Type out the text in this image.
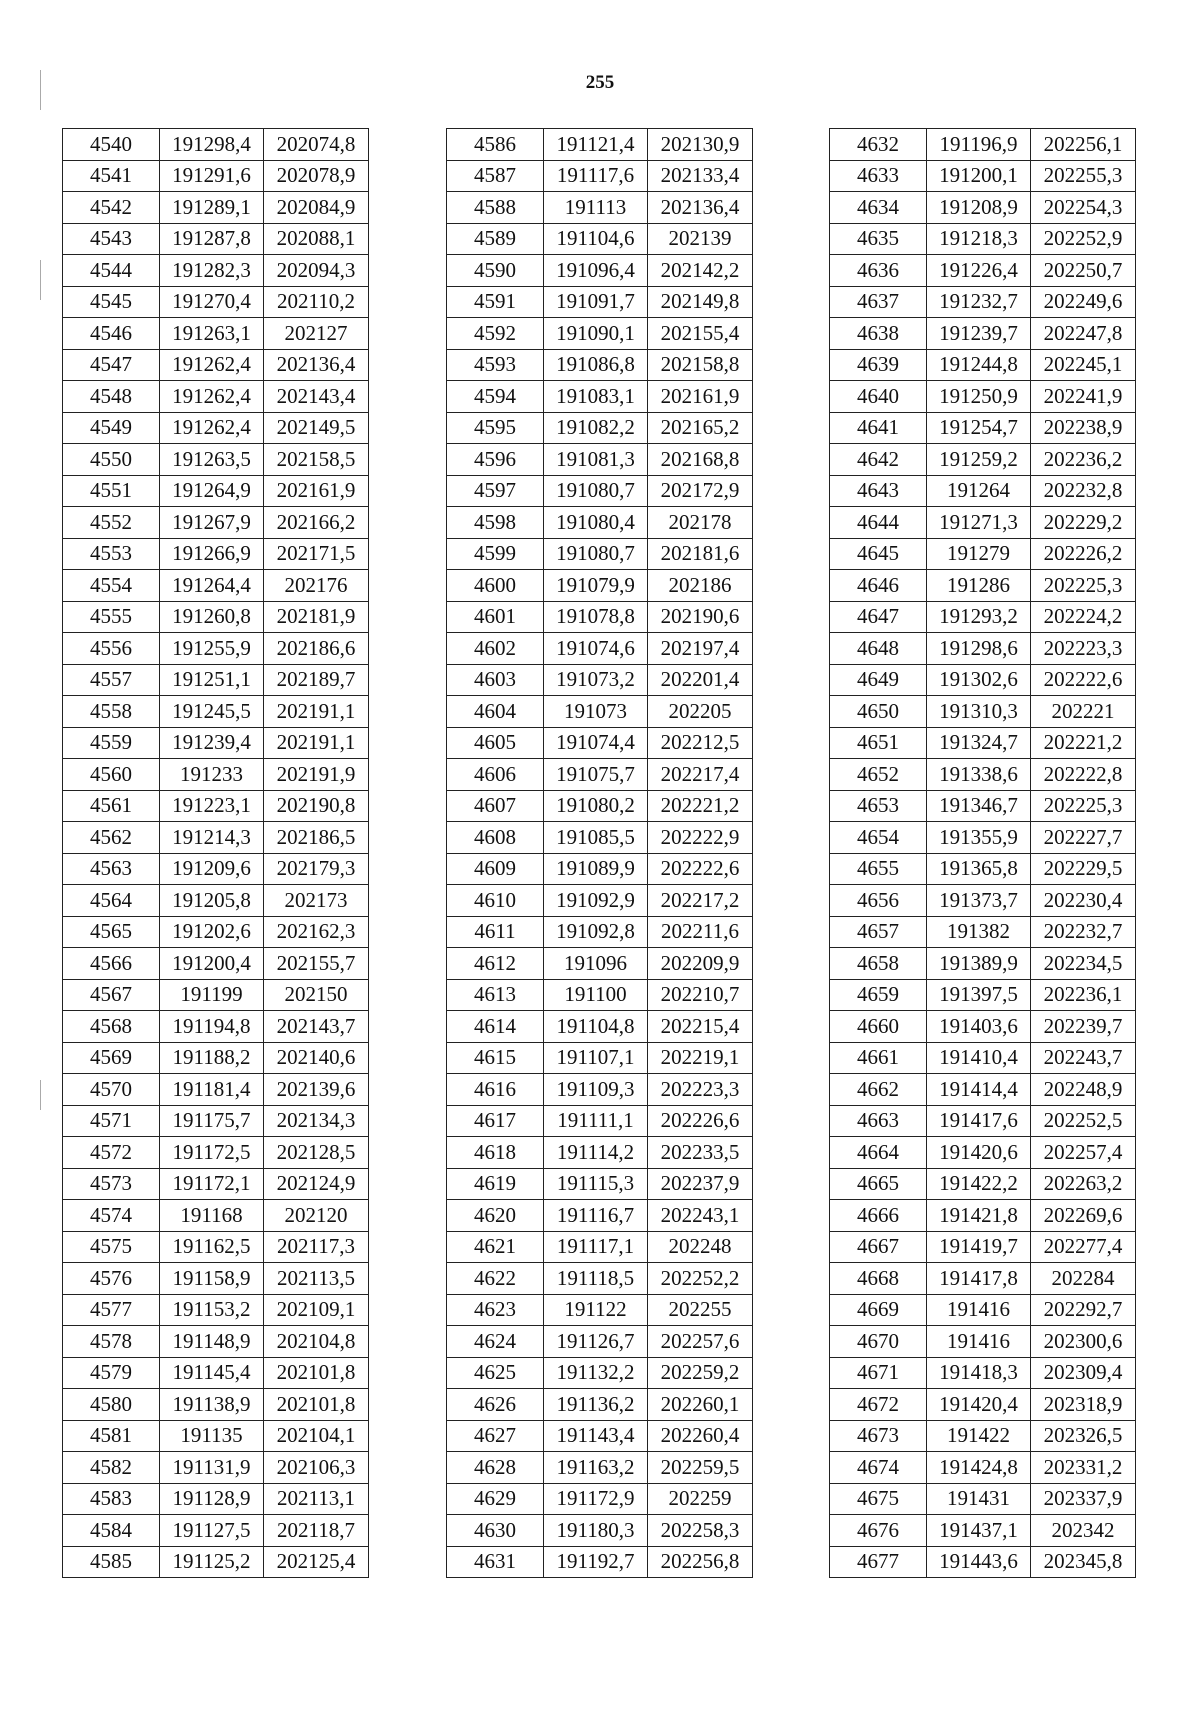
255
4540	191298,4	202074,8
4541	191291,6	202078,9
4542	191289,1	202084,9
4543	191287,8	202088,1
4544	191282,3	202094,3
4545	191270,4	202110,2
4546	191263,1	202127
4547	191262,4	202136,4
4548	191262,4	202143,4
4549	191262,4	202149,5
4550	191263,5	202158,5
4551	191264,9	202161,9
4552	191267,9	202166,2
4553	191266,9	202171,5
4554	191264,4	202176
4555	191260,8	202181,9
4556	191255,9	202186,6
4557	191251,1	202189,7
4558	191245,5	202191,1
4559	191239,4	202191,1
4560	191233	202191,9
4561	191223,1	202190,8
4562	191214,3	202186,5
4563	191209,6	202179,3
4564	191205,8	202173
4565	191202,6	202162,3
4566	191200,4	202155,7
4567	191199	202150
4568	191194,8	202143,7
4569	191188,2	202140,6
4570	191181,4	202139,6
4571	191175,7	202134,3
4572	191172,5	202128,5
4573	191172,1	202124,9
4574	191168	202120
4575	191162,5	202117,3
4576	191158,9	202113,5
4577	191153,2	202109,1
4578	191148,9	202104,8
4579	191145,4	202101,8
4580	191138,9	202101,8
4581	191135	202104,1
4582	191131,9	202106,3
4583	191128,9	202113,1
4584	191127,5	202118,7
4585	191125,2	202125,4
4586	191121,4	202130,9
4587	191117,6	202133,4
4588	191113	202136,4
4589	191104,6	202139
4590	191096,4	202142,2
4591	191091,7	202149,8
4592	191090,1	202155,4
4593	191086,8	202158,8
4594	191083,1	202161,9
4595	191082,2	202165,2
4596	191081,3	202168,8
4597	191080,7	202172,9
4598	191080,4	202178
4599	191080,7	202181,6
4600	191079,9	202186
4601	191078,8	202190,6
4602	191074,6	202197,4
4603	191073,2	202201,4
4604	191073	202205
4605	191074,4	202212,5
4606	191075,7	202217,4
4607	191080,2	202221,2
4608	191085,5	202222,9
4609	191089,9	202222,6
4610	191092,9	202217,2
4611	191092,8	202211,6
4612	191096	202209,9
4613	191100	202210,7
4614	191104,8	202215,4
4615	191107,1	202219,1
4616	191109,3	202223,3
4617	191111,1	202226,6
4618	191114,2	202233,5
4619	191115,3	202237,9
4620	191116,7	202243,1
4621	191117,1	202248
4622	191118,5	202252,2
4623	191122	202255
4624	191126,7	202257,6
4625	191132,2	202259,2
4626	191136,2	202260,1
4627	191143,4	202260,4
4628	191163,2	202259,5
4629	191172,9	202259
4630	191180,3	202258,3
4631	191192,7	202256,8
4632	191196,9	202256,1
4633	191200,1	202255,3
4634	191208,9	202254,3
4635	191218,3	202252,9
4636	191226,4	202250,7
4637	191232,7	202249,6
4638	191239,7	202247,8
4639	191244,8	202245,1
4640	191250,9	202241,9
4641	191254,7	202238,9
4642	191259,2	202236,2
4643	191264	202232,8
4644	191271,3	202229,2
4645	191279	202226,2
4646	191286	202225,3
4647	191293,2	202224,2
4648	191298,6	202223,3
4649	191302,6	202222,6
4650	191310,3	202221
4651	191324,7	202221,2
4652	191338,6	202222,8
4653	191346,7	202225,3
4654	191355,9	202227,7
4655	191365,8	202229,5
4656	191373,7	202230,4
4657	191382	202232,7
4658	191389,9	202234,5
4659	191397,5	202236,1
4660	191403,6	202239,7
4661	191410,4	202243,7
4662	191414,4	202248,9
4663	191417,6	202252,5
4664	191420,6	202257,4
4665	191422,2	202263,2
4666	191421,8	202269,6
4667	191419,7	202277,4
4668	191417,8	202284
4669	191416	202292,7
4670	191416	202300,6
4671	191418,3	202309,4
4672	191420,4	202318,9
4673	191422	202326,5
4674	191424,8	202331,2
4675	191431	202337,9
4676	191437,1	202342
4677	191443,6	202345,8
